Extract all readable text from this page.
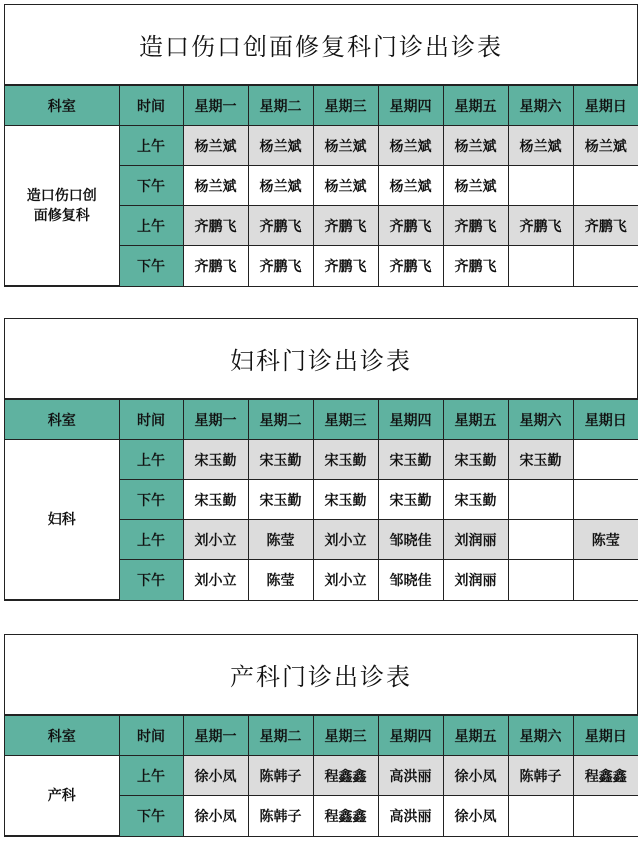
造口伤口创面修复科门诊出诊表
科室	时间	星期一	星期二	星期三	星期四	星期五	星期六	星期日

造口伤口创
面修复科	上午	杨兰斌	杨兰斌	杨兰斌	杨兰斌	杨兰斌	杨兰斌	杨兰斌
	下午	杨兰斌	杨兰斌	杨兰斌	杨兰斌	杨兰斌		
	上午	齐鹏飞	齐鹏飞	齐鹏飞	齐鹏飞	齐鹏飞	齐鹏飞	齐鹏飞
	下午	齐鹏飞	齐鹏飞	齐鹏飞	齐鹏飞	齐鹏飞		
妇科门诊出诊表
科室	时间	星期一	星期二	星期三	星期四	星期五	星期六	星期日

妇科	上午	宋玉勤	宋玉勤	宋玉勤	宋玉勤	宋玉勤	宋玉勤	
	下午	宋玉勤	宋玉勤	宋玉勤	宋玉勤	宋玉勤		
	上午	刘小立	陈莹	刘小立	邹晓佳	刘润丽		陈莹
	下午	刘小立	陈莹	刘小立	邹晓佳	刘润丽		
产科门诊出诊表
科室	时间	星期一	星期二	星期三	星期四	星期五	星期六	星期日

产科	上午	徐小凤	陈韩子	程鑫鑫	高洪丽	徐小凤	陈韩子	程鑫鑫
	下午	徐小凤	陈韩子	程鑫鑫	高洪丽	徐小凤		
